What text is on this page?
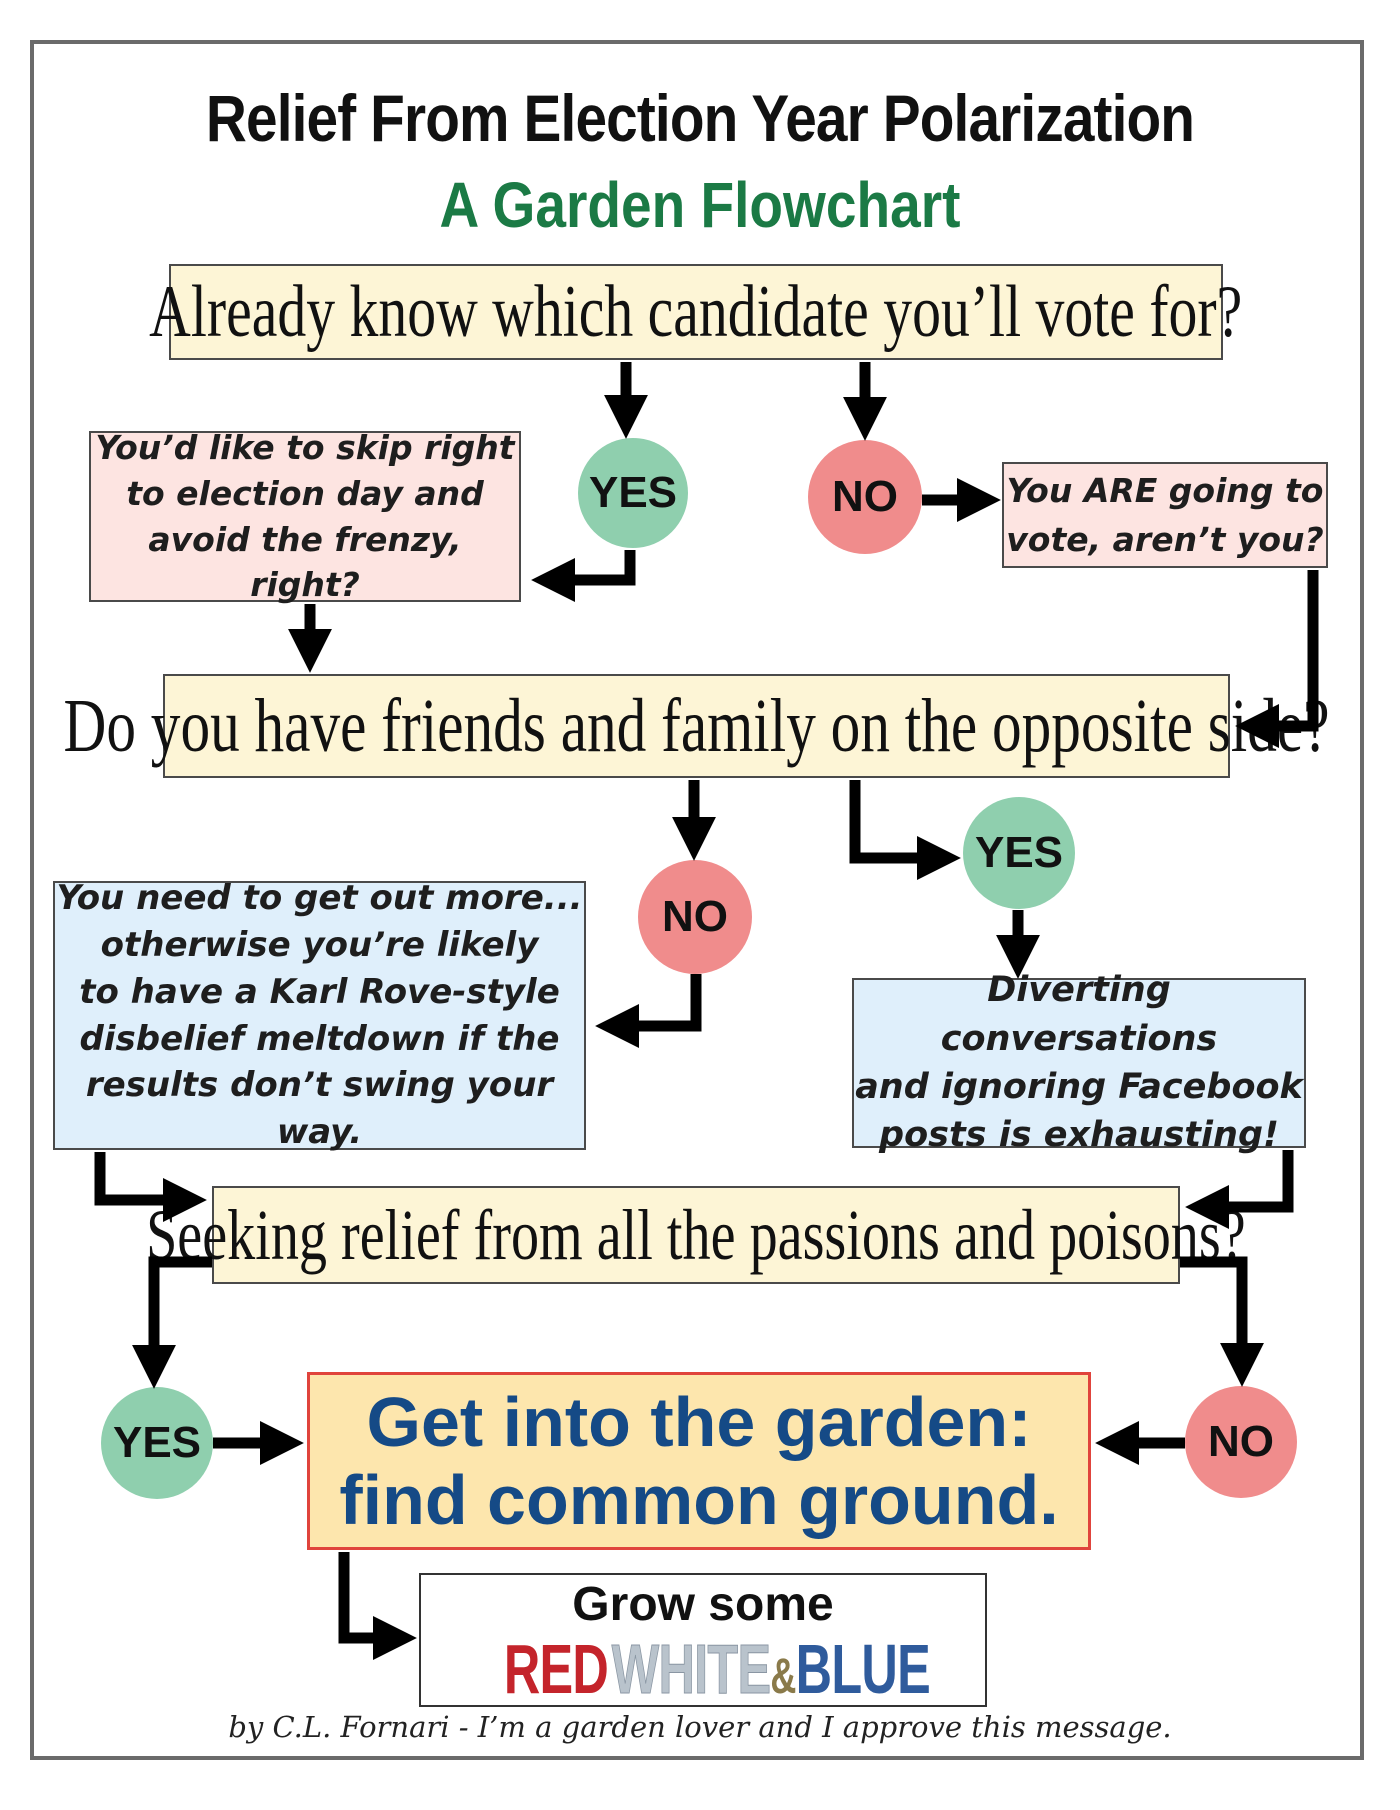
Relief From Election Year Polarization
A Garden Flowchart
Already know which candidate you’ll vote for?
YES	NO
You’d like to skip right
to election day and
avoid the frenzy, right?
You ARE going to
vote, aren’t you?
Do you have friends and family on the opposite side?
NO
YES
You need to get out more...
otherwise you’re likely
to have a Karl Rove-style
disbelief meltdown if the
results don’t swing your way.
Diverting conversations
and ignoring Facebook
posts is exhausting!
Seeking relief from all the passions and poisons?
YES	NO
Get into the garden:
find common ground.
Grow some
RED WHITE&BLUE
by C.L. Fornari - I’m a garden lover and I approve this message.
